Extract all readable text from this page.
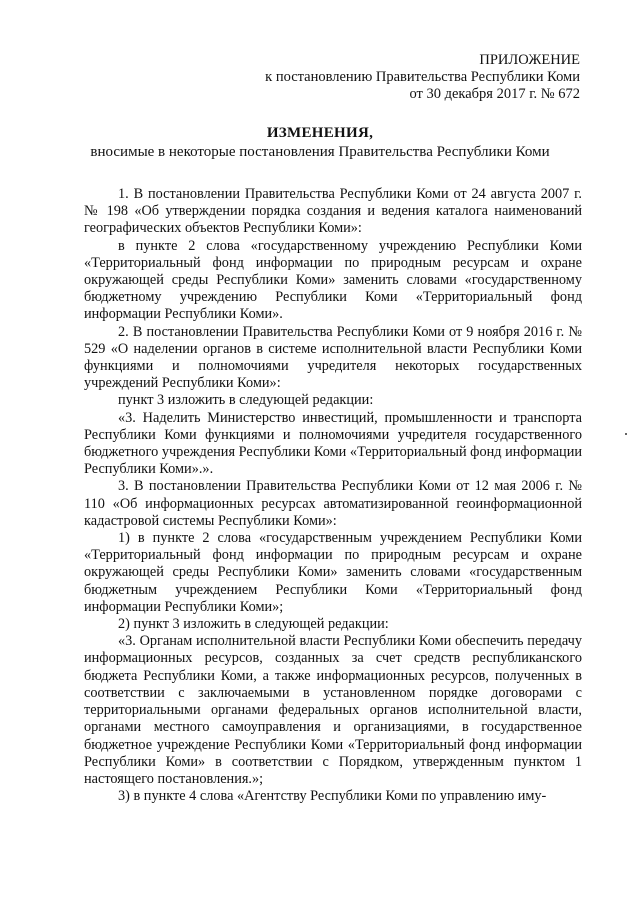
ПРИЛОЖЕНИЕ
к постановлению Правительства Республики Коми
от 30 декабря 2017 г. № 672
ИЗМЕНЕНИЯ,
вносимые в некоторые постановления Правительства Республики Коми

1. В постановлении Правительства Республики Коми от 24 августа 2007 г. № 198 «Об утверждении порядка создания и ведения каталога наименований географических объектов Республики Коми»:

в пункте 2 слова «государственному учреждению Республики Коми «Территориальный фонд информации по природным ресурсам и охране окружающей среды Республики Коми» заменить словами «государственному бюджетному учреждению Республики Коми «Территориальный фонд информации Республики Коми».

2. В постановлении Правительства Республики Коми от 9 ноября 2016 г. № 529 «О наделении органов в системе исполнительной власти Республики Коми функциями и полномочиями учредителя некоторых государственных учреждений Республики Коми»:

пункт 3 изложить в следующей редакции:

«3. Наделить Министерство инвестиций, промышленности и транспорта Республики Коми функциями и полномочиями учредителя государственного бюджетного учреждения Республики Коми «Территориальный фонд информации Республики Коми».».

3. В постановлении Правительства Республики Коми от 12 мая 2006 г. № 110 «Об информационных ресурсах автоматизированной геоинформационной кадастровой системы Республики Коми»:

1) в пункте 2 слова «государственным учреждением Республики Коми «Территориальный фонд информации по природным ресурсам и охране окружающей среды Республики Коми» заменить словами «государственным бюджетным учреждением Республики Коми «Территориальный фонд информации Республики Коми»;

2) пункт 3 изложить в следующей редакции:

«3. Органам исполнительной власти Республики Коми обеспечить передачу информационных ресурсов, созданных за счет средств республиканского бюджета Республики Коми, а также информационных ресурсов, полученных в соответствии с заключаемыми в установленном порядке договорами с территориальными органами федеральных органов исполнительной власти, органами местного самоуправления и организациями, в государственное бюджетное учреждение Республики Коми «Территориальный фонд информации Республики Коми» в соответствии с Порядком, утвержденным пунктом 1 настоящего постановления.»;

3) в пункте 4 слова «Агентству Республики Коми по управлению иму-
